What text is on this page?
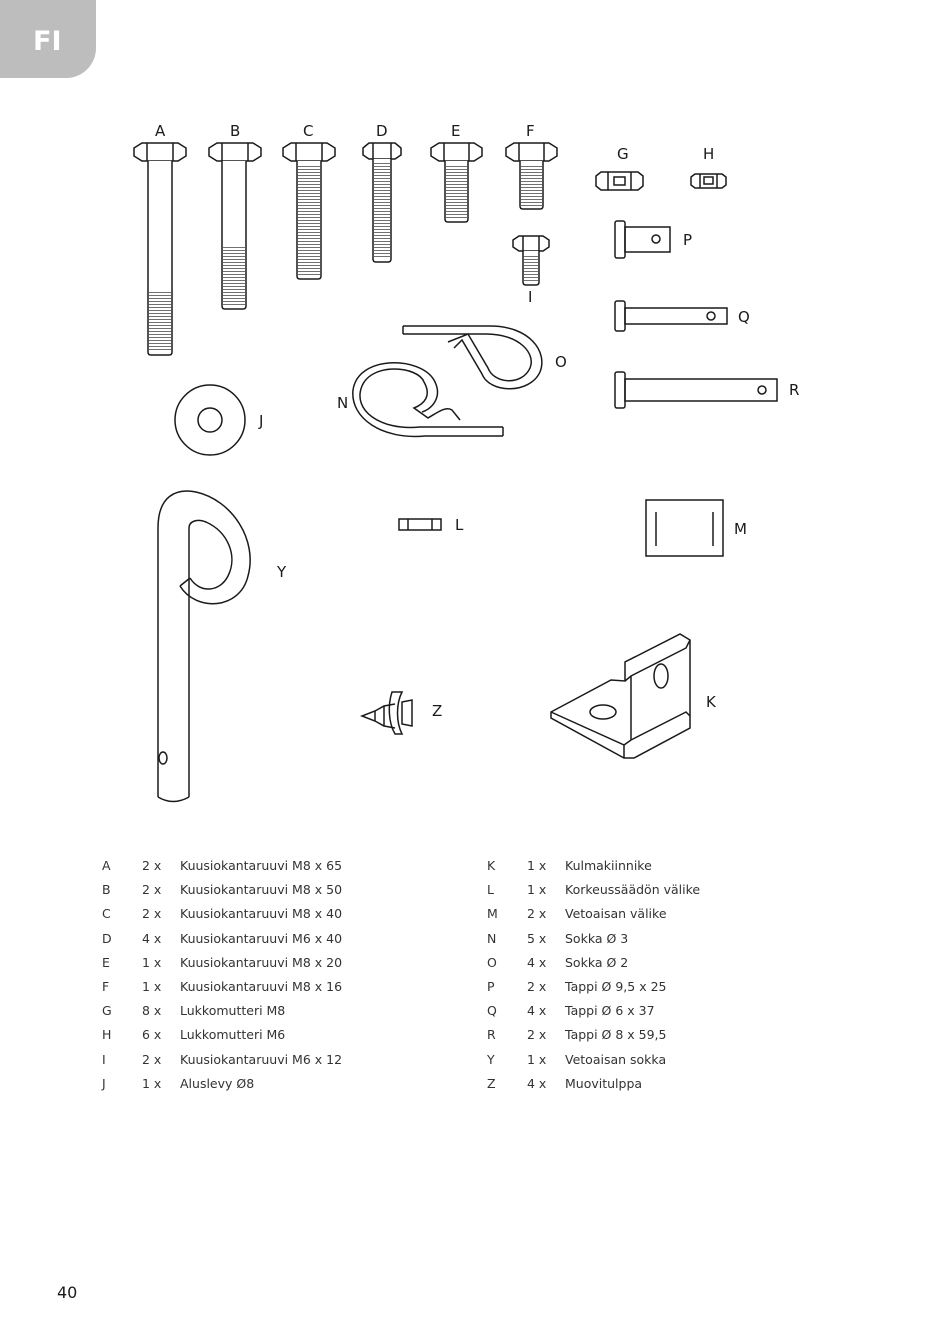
FI
A	B	C	D	E	F
G	H
I
P
Q
O
R
N
J
L	M
Y
K
Z
A	2 x Kuusiokantaruuvi M8 x 65
B	2 x Kuusiokantaruuvi M8 x 50
C	2 x Kuusiokantaruuvi M8 x 40
D 4 x Kuusiokantaruuvi M6 x 40
E	1 x Kuusiokantaruuvi M8 x 20
F	1 x Kuusiokantaruuvi M8 x 16
G 8 x Lukkomutteri M8
H 6 x Lukkomutteri M6
I	2 x Kuusiokantaruuvi M6 x 12
J	1 x Aluslevy Ø8
K	1 x Kulmakiinnike
L	1 x Korkeussäädön välike
M 2 x Vetoaisan välike
N 5 x Sokka Ø 3
O 4 x Sokka Ø 2
P	2 x Tappi Ø 9,5 x 25
Q 4 x Tappi Ø 6 x 37
R	2 x Tappi Ø 8 x 59,5
Y	1 x Vetoaisan sokka
Z	4 x Muovitulppa
40
